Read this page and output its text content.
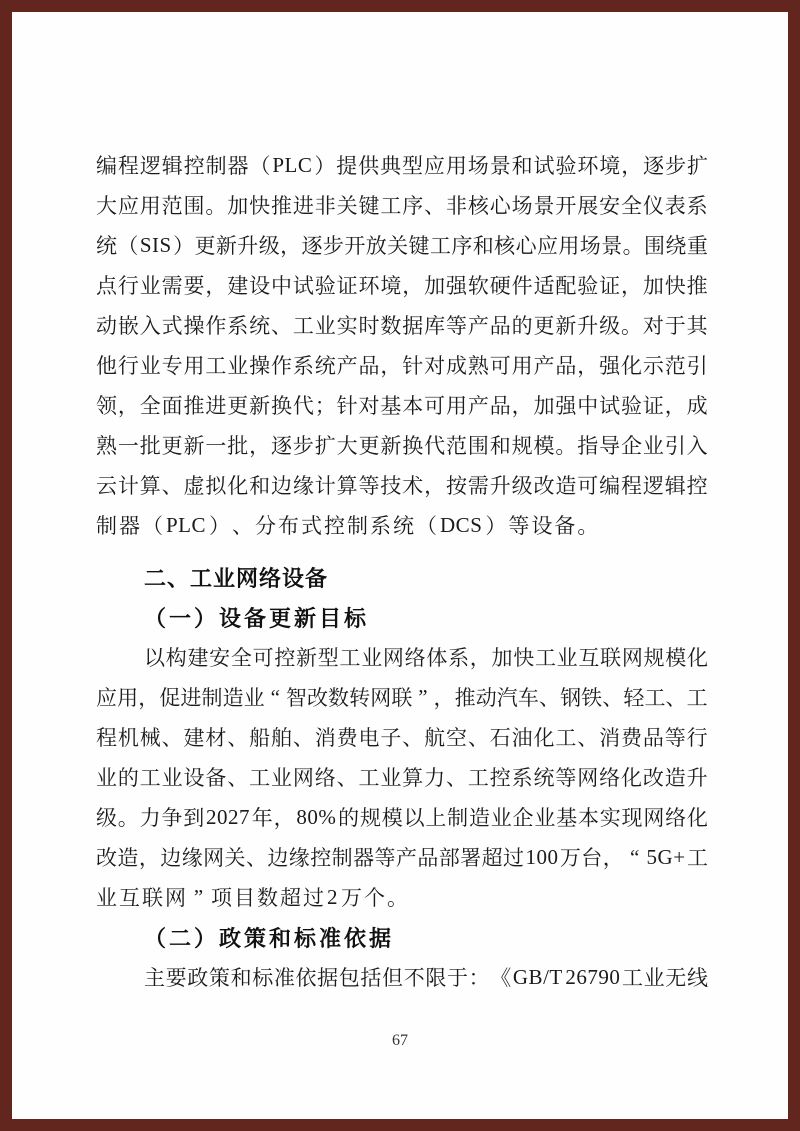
编 程 逻 辑 控 制 器 （ PLC ） 提 供 典 型 应 用 场 景 和 试 验 环 境 ， 逐 步 扩
大 应 用 范 围 。 加 快 推 进 非 关 键 工 序 、 非 核 心 场 景 开 展 安 全 仪 表 系
统 （ SIS ） 更 新 升 级 ， 逐 步 开 放 关 键 工 序 和 核 心 应 用 场 景 。 围 绕 重
点 行 业 需 要 ， 建 设 中 试 验 证 环 境 ， 加 强 软 硬 件 适 配 验 证 ， 加 快 推
动 嵌 入 式 操 作 系 统 、 工 业 实 时 数 据 库 等 产 品 的 更 新 升 级 。 对 于 其
他 行 业 专 用 工 业 操 作 系 统 产 品 ， 针 对 成 熟 可 用 产 品 ， 强 化 示 范 引
领 ， 全 面 推 进 更 新 换 代 ； 针 对 基 本 可 用 产 品 ， 加 强 中 试 验 证 ， 成
熟 一 批 更 新 一 批 ， 逐 步 扩 大 更 新 换 代 范 围 和 规 模 。 指 导 企 业 引 入
云 计 算 、 虚 拟 化 和 边 缘 计 算 等 技 术 ， 按 需 升 级 改 造 可 编 程 逻 辑 控
制 器 （ PLC ） 、 分 布 式 控 制 系 统 （ DCS ） 等 设 备 。
二、工业网络设备
（一）设备更新目标
以 构 建 安 全 可 控 新 型 工 业 网 络 体 系 ， 加 快 工 业 互 联 网 规 模 化
应 用 ， 促 进 制 造 业 “ 智 改 数 转 网 联 ” ， 推 动 汽 车 、 钢 铁 、 轻 工 、 工
程 机 械 、 建 材 、 船 舶 、 消 费 电 子 、 航 空 、 石 油 化 工 、 消 费 品 等 行
业 的 工 业 设 备 、 工 业 网 络 、 工 业 算 力 、 工 控 系 统 等 网 络 化 改 造 升
级 。 力 争 到 2027 年 ， 80% 的 规 模 以 上 制 造 业 企 业 基 本 实 现 网 络 化
改 造 ， 边 缘 网 关 、 边 缘 控 制 器 等 产 品 部 署 超 过 100 万 台 ， “ 5G+ 工
业 互 联 网 ” 项 目 数 超 过 2 万 个 。
（二）政策和标准依据
主 要 政 策 和 标 准 依 据 包 括 但 不 限 于 ： 《 GB/T 26790 工 业 无 线
67
